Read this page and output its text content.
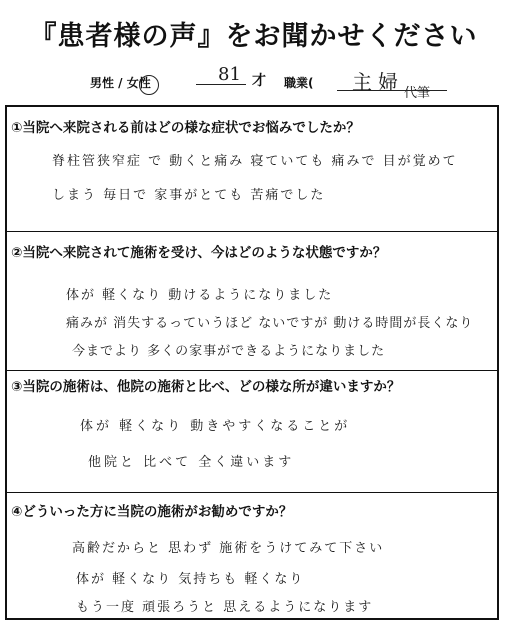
『患者様の声』をお聞かせください
男性 / 女性	81 才 職業( 主婦 代筆
①当院へ来院される前はどの様な症状でお悩みでしたか？
脊柱管狭窄症 で 動くと痛み 寝ていても 痛みで 目が覚めて
しまう 毎日で 家事がとても 苦痛でした
②当院へ来院されて施術を受け、今はどのような状態ですか？
体が 軽くなり 動けるようになりました
痛みが 消失するっていうほど ないですが 動ける時間が長くなり
今までより 多くの家事ができるようになりました
③当院の施術は、他院の施術と比べ、どの様な所が違いますか？
体が 軽くなり 動きやすくなることが
他院と 比べて 全く違います
④どういった方に当院の施術がお勧めですか？
高齢だからと 思わず 施術をうけてみて下さい
体が 軽くなり 気持ちも 軽くなり
もう一度 頑張ろうと 思えるようになります
